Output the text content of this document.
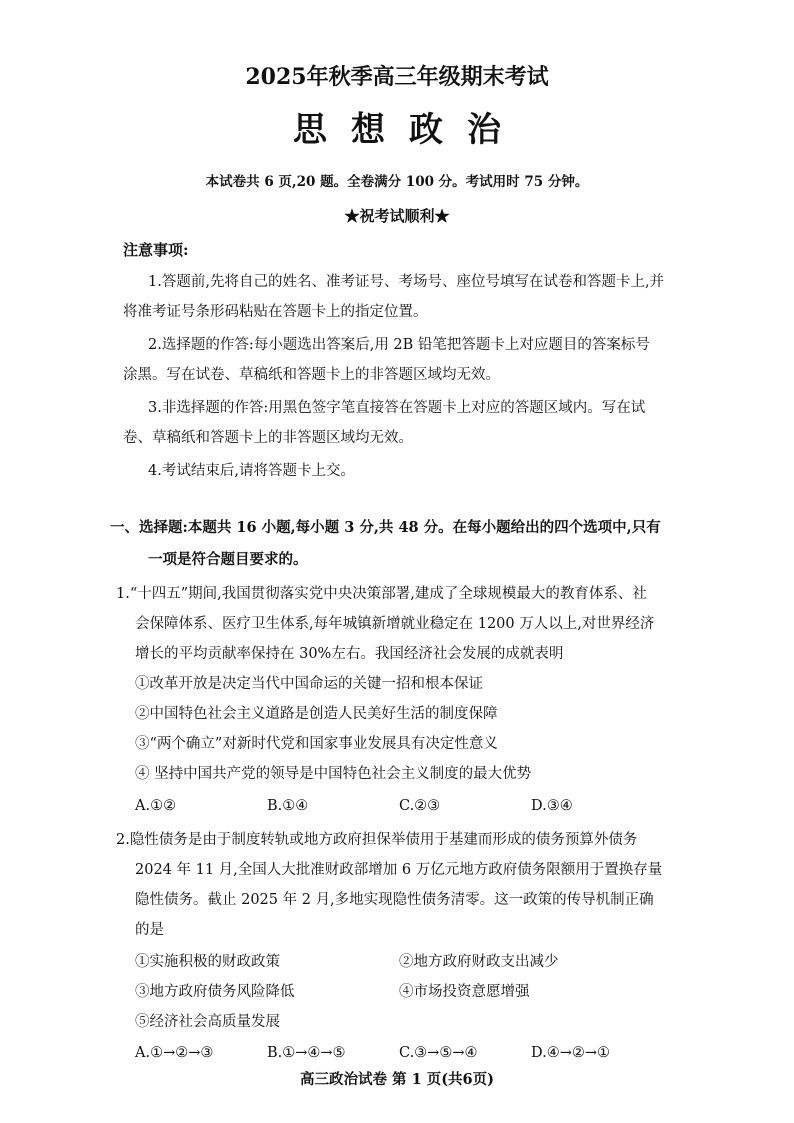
2025年秋季高三年级期末考试
思想政治
本试卷共 6 页,20 题。全卷满分 100 分。考试用时 75 分钟。
★祝考试顺利★
注意事项:
1.答题前,先将自己的姓名、准考证号、考场号、座位号填写在试卷和答题卡上,并
将准考证号条形码粘贴在答题卡上的指定位置。
2.选择题的作答:每小题选出答案后,用 2B 铅笔把答题卡上对应题目的答案标号
涂黑。写在试卷、草稿纸和答题卡上的非答题区域均无效。
3.非选择题的作答:用黑色签字笔直接答在答题卡上对应的答题区域内。写在试
卷、草稿纸和答题卡上的非答题区域均无效。
4.考试结束后,请将答题卡上交。
一、选择题:本题共 16 小题,每小题 3 分,共 48 分。在每小题给出的四个选项中,只有
一项是符合题目要求的。
1.“十四五”期间,我国贯彻落实党中央决策部署,建成了全球规模最大的教育体系、社
会保障体系、医疗卫生体系,每年城镇新增就业稳定在 1200 万人以上,对世界经济
增长的平均贡献率保持在 30%左右。我国经济社会发展的成就表明
①改革开放是决定当代中国命运的关键一招和根本保证
②中国特色社会主义道路是创造人民美好生活的制度保障
③“两个确立”对新时代党和国家事业发展具有决定性意义
④ 坚持中国共产党的领导是中国特色社会主义制度的最大优势
A.①②	B.①④	C.②③	D.③④
2.隐性债务是由于制度转轨或地方政府担保举债用于基建而形成的债务预算外债务
2024 年 11 月,全国人大批准财政部增加 6 万亿元地方政府债务限额用于置换存量
隐性债务。截止 2025 年 2 月,多地实现隐性债务清零。这一政策的传导机制正确
的是
①实施积极的财政政策	②地方政府财政支出减少
③地方政府债务风险降低	④市场投资意愿增强
⑤经济社会高质量发展
A.①→②→③	B.①→④→⑤	C.③→⑤→④	D.④→②→①
高三政治试卷 第 1 页(共6页)
